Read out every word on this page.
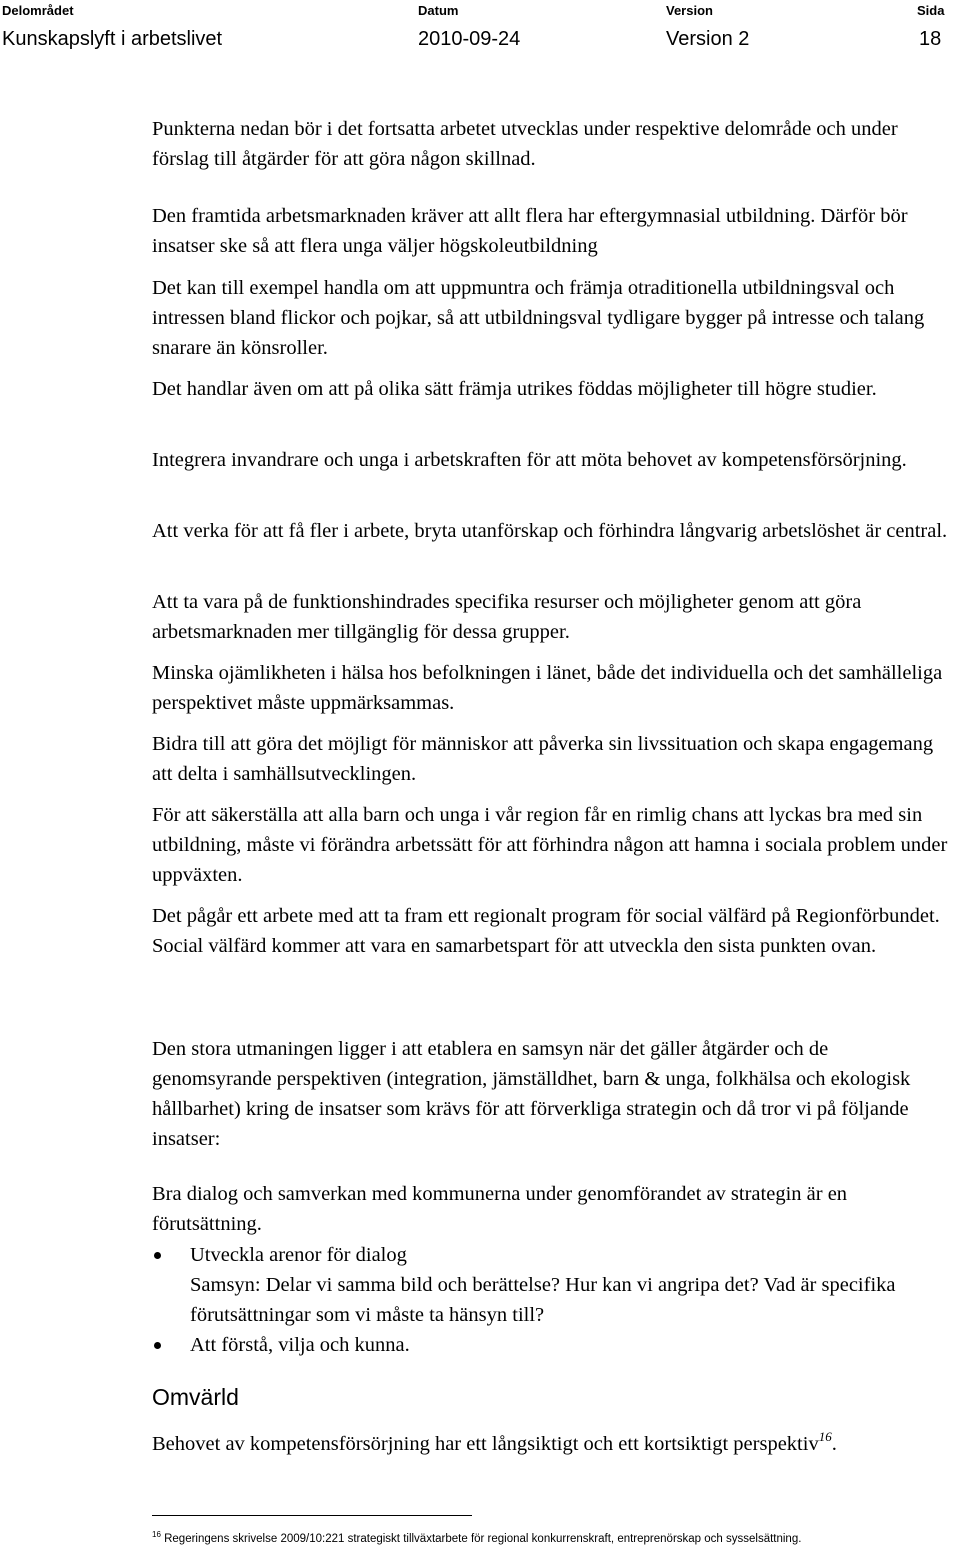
Delområdet	Datum	Version	Sida
Kunskapslyft i arbetslivet	2010-09-24	Version 2	18

Punkterna nedan bör i det fortsatta arbetet utvecklas under respektive delområde och under förslag till åtgärder för att göra någon skillnad.

Den framtida arbetsmarknaden kräver att allt flera har eftergymnasial utbildning. Därför bör insatser ske så att flera unga väljer högskoleutbildning

Det kan till exempel handla om att uppmuntra och främja otraditionella utbildningsval och intressen bland flickor och pojkar, så att utbildningsval tydligare bygger på intresse och talang snarare än könsroller.

Det handlar även om att på olika sätt främja utrikes föddas möjligheter till högre studier.

Integrera invandrare och unga i arbetskraften för att möta behovet av kompetensförsörjning.

Att verka för att få fler i arbete, bryta utanförskap och förhindra långvarig arbetslöshet är central.

Att ta vara på de funktionshindrades specifika resurser och möjligheter genom att göra arbetsmarknaden mer tillgänglig för dessa grupper.

Minska ojämlikheten i hälsa hos befolkningen i länet, både det individuella och det samhälleliga perspektivet måste uppmärksammas.

Bidra till att göra det möjligt för människor att påverka sin livssituation och skapa engagemang att delta i samhällsutvecklingen.

För att säkerställa att alla barn och unga i vår region får en rimlig chans att lyckas bra med sin utbildning, måste vi förändra arbetssätt för att förhindra någon att hamna i sociala problem under uppväxten.

Det pågår ett arbete med att ta fram ett regionalt program för social välfärd på Regionförbundet. Social välfärd kommer att vara en samarbetspart för att utveckla den sista punkten ovan.

Den stora utmaningen ligger i att etablera en samsyn när det gäller åtgärder och de genomsyrande perspektiven (integration, jämställdhet, barn & unga, folkhälsa och ekologisk hållbarhet) kring de insatser som krävs för att förverkliga strategin och då tror vi på följande insatser:

Bra dialog och samverkan med kommunerna under genomförandet av strategin är en förutsättning.

Utveckla arenor för dialog
Samsyn: Delar vi samma bild och berättelse? Hur kan vi angripa det? Vad är specifika förutsättningar som vi måste ta hänsyn till?
Att förstå, vilja och kunna.
Omvärld

Behovet av kompetensförsörjning har ett långsiktigt och ett kortsiktigt perspektiv$^{16}$.

$^{16}$ Regeringens skrivelse 2009/10:221 strategiskt tillväxtarbete för regional konkurrenskraft, entreprenörskap och sysselsättning.
